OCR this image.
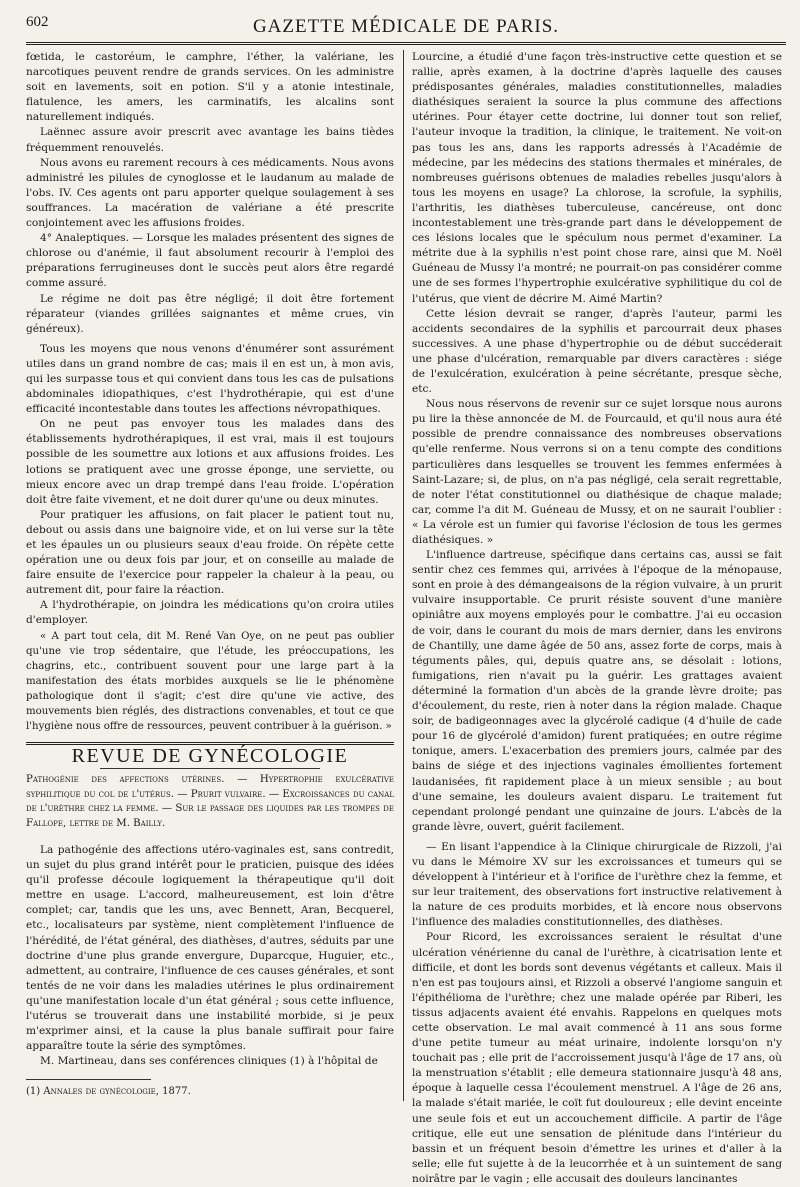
602	GAZETTE MÉDICALE DE PARIS.

fœtida, le castoréum, le camphre, l'éther, la valériane, les narcotiques peuvent rendre de grands services. On les administre soit en lavements, soit en potion. S'il y a atonie intestinale, flatulence, les amers, les carminatifs, les alcalins sont naturellement indiqués.

Laënnec assure avoir prescrit avec avantage les bains tièdes fréquemment renouvelés.

Nous avons eu rarement recours à ces médicaments. Nous avons administré les pilules de cynoglosse et le laudanum au malade de l'obs. IV. Ces agents ont paru apporter quelque soulagement à ses souffrances. La macération de valériane a été prescrite conjointement avec les affusions froides.

4° Analeptiques. — Lorsque les malades présentent des signes de chlorose ou d'anémie, il faut absolument recourir à l'emploi des préparations ferrugineuses dont le succès peut alors être regardé comme assuré.

Le régime ne doit pas être négligé; il doit être fortement réparateur (viandes grillées saignantes et même crues, vin généreux).

Tous les moyens que nous venons d'énumérer sont assurément utiles dans un grand nombre de cas; mais il en est un, à mon avis, qui les surpasse tous et qui convient dans tous les cas de pulsations abdominales idiopathiques, c'est l'hydrothérapie, qui est d'une efficacité incontestable dans toutes les affections névropathiques.

On ne peut pas envoyer tous les malades dans des établissements hydrothérapiques, il est vrai, mais il est toujours possible de les soumettre aux lotions et aux affusions froides. Les lotions se pratiquent avec une grosse éponge, une serviette, ou mieux encore avec un drap trempé dans l'eau froide. L'opération doit être faite vivement, et ne doit durer qu'une ou deux minutes.

Pour pratiquer les affusions, on fait placer le patient tout nu, debout ou assis dans une baignoire vide, et on lui verse sur la tête et les épaules un ou plusieurs seaux d'eau froide. On répète cette opération une ou deux fois par jour, et on conseille au malade de faire ensuite de l'exercice pour rappeler la chaleur à la peau, ou autrement dit, pour faire la réaction.

A l'hydrothérapie, on joindra les médications qu'on croira utiles d'employer.

« A part tout cela, dit M. René Van Oye, on ne peut pas oublier qu'une vie trop sédentaire, que l'étude, les préoccupations, les chagrins, etc., contribuent souvent pour une large part à la manifestation des états morbides auxquels se lie le phénomène pathologique dont il s'agit; c'est dire qu'une vie active, des mouvements bien réglés, des distractions convenables, et tout ce que l'hygiène nous offre de ressources, peuvent contribuer à la guérison. »

REVUE DE GYNÉCOLOGIE
Pathogénie des affections utérines. — Hypertrophie exulcérative syphilitique du col de l'utérus. — Prurit vulvaire. — Excroissances du canal de l'urèthre chez la femme. — Sur le passage des liquides par les trompes de Fallope, lettre de M. Bailly.

La pathogénie des affections utéro-vaginales est, sans contredit, un sujet du plus grand intérêt pour le praticien, puisque des idées qu'il professe découle logiquement la thérapeutique qu'il doit mettre en usage. L'accord, malheureusement, est loin d'être complet; car, tandis que les uns, avec Bennett, Aran, Becquerel, etc., localisateurs par système, nient complètement l'influence de l'hérédité, de l'état général, des diathèses, d'autres, séduits par une doctrine d'une plus grande envergure, Duparcque, Huguier, etc., admettent, au contraire, l'influence de ces causes générales, et sont tentés de ne voir dans les maladies utérines le plus ordinairement qu'une manifestation locale d'un état général ; sous cette influence, l'utérus se trouverait dans une instabilité morbide, si je peux m'exprimer ainsi, et la cause la plus banale suffirait pour faire apparaître toute la série des symptômes.

M. Martineau, dans ses conférences cliniques (1) à l'hôpital de

(1) Annales de gynécologie, 1877.

Lourcine, a étudié d'une façon très-instructive cette question et se rallie, après examen, à la doctrine d'après laquelle des causes prédisposantes générales, maladies constitutionnelles, maladies diathésiques seraient la source la plus commune des affections utérines. Pour étayer cette doctrine, lui donner tout son relief, l'auteur invoque la tradition, la clinique, le traitement. Ne voit-on pas tous les ans, dans les rapports adressés à l'Académie de médecine, par les médecins des stations thermales et minérales, de nombreuses guérisons obtenues de maladies rebelles jusqu'alors à tous les moyens en usage? La chlorose, la scrofule, la syphilis, l'arthritis, les diathèses tuberculeuse, cancéreuse, ont donc incontestablement une très-grande part dans le développement de ces lésions locales que le spéculum nous permet d'examiner. La métrite due à la syphilis n'est point chose rare, ainsi que M. Noël Guéneau de Mussy l'a montré; ne pourrait-on pas considérer comme une de ses formes l'hypertrophie exulcérative syphilitique du col de l'utérus, que vient de décrire M. Aimé Martin?

Cette lésion devrait se ranger, d'après l'auteur, parmi les accidents secondaires de la syphilis et parcourrait deux phases successives. A une phase d'hypertrophie ou de début succéderait une phase d'ulcération, remarquable par divers caractères : siége de l'exulcération, exulcération à peine sécrétante, presque sèche, etc.

Nous nous réservons de revenir sur ce sujet lorsque nous aurons pu lire la thèse annoncée de M. de Fourcauld, et qu'il nous aura été possible de prendre connaissance des nombreuses observations qu'elle renferme. Nous verrons si on a tenu compte des conditions particulières dans lesquelles se trouvent les femmes enfermées à Saint-Lazare; si, de plus, on n'a pas négligé, cela serait regrettable, de noter l'état constitutionnel ou diathésique de chaque malade; car, comme l'a dit M. Guéneau de Mussy, et on ne saurait l'oublier : « La vérole est un fumier qui favorise l'éclosion de tous les germes diathésiques. »

L'influence dartreuse, spécifique dans certains cas, aussi se fait sentir chez ces femmes qui, arrivées à l'époque de la ménopause, sont en proie à des démangeaisons de la région vulvaire, à un prurit vulvaire insupportable. Ce prurit résiste souvent d'une manière opiniâtre aux moyens employés pour le combattre. J'ai eu occasion de voir, dans le courant du mois de mars dernier, dans les environs de Chantilly, une dame âgée de 50 ans, assez forte de corps, mais à téguments pâles, qui, depuis quatre ans, se désolait : lotions, fumigations, rien n'avait pu la guérir. Les grattages avaient déterminé la formation d'un abcès de la grande lèvre droite; pas d'écoulement, du reste, rien à noter dans la région malade. Chaque soir, de badigeonnages avec la glycérolé cadique (4 d'huile de cade pour 16 de glycérolé d'amidon) furent pratiquées; en outre régime tonique, amers. L'exacerbation des premiers jours, calmée par des bains de siége et des injections vaginales émollientes fortement laudanisées, fit rapidement place à un mieux sensible ; au bout d'une semaine, les douleurs avaient disparu. Le traitement fut cependant prolongé pendant une quinzaine de jours. L'abcès de la grande lèvre, ouvert, guérit facilement.

— En lisant l'appendice à la Clinique chirurgicale de Rizzoli, j'ai vu dans le Mémoire XV sur les excroissances et tumeurs qui se développent à l'intérieur et à l'orifice de l'urèthre chez la femme, et sur leur traitement, des observations fort instructive relativement à la nature de ces produits morbides, et là encore nous observons l'influence des maladies constitutionnelles, des diathèses.

Pour Ricord, les excroissances seraient le résultat d'une ulcération vénérienne du canal de l'urèthre, à cicatrisation lente et difficile, et dont les bords sont devenus végétants et calleux. Mais il n'en est pas toujours ainsi, et Rizzoli a observé l'angiome sanguin et l'épithélioma de l'urèthre; chez une malade opérée par Riberi, les tissus adjacents avaient été envahis. Rappelons en quelques mots cette observation. Le mal avait commencé à 11 ans sous forme d'une petite tumeur au méat urinaire, indolente lorsqu'on n'y touchait pas ; elle prit de l'accroissement jusqu'à l'âge de 17 ans, où la menstruation s'établit ; elle demeura stationnaire jusqu'à 48 ans, époque à laquelle cessa l'écoulement menstruel. A l'âge de 26 ans, la malade s'était mariée, le coït fut douloureux ; elle devint enceinte une seule fois et eut un accouchement difficile. A partir de l'âge critique, elle eut une sensation de plénitude dans l'intérieur du bassin et un fréquent besoin d'émettre les urines et d'aller à la selle; elle fut sujette à de la leucorrhée et à un suintement de sang noirâtre par le vagin ; elle accusait des douleurs lancinantes
